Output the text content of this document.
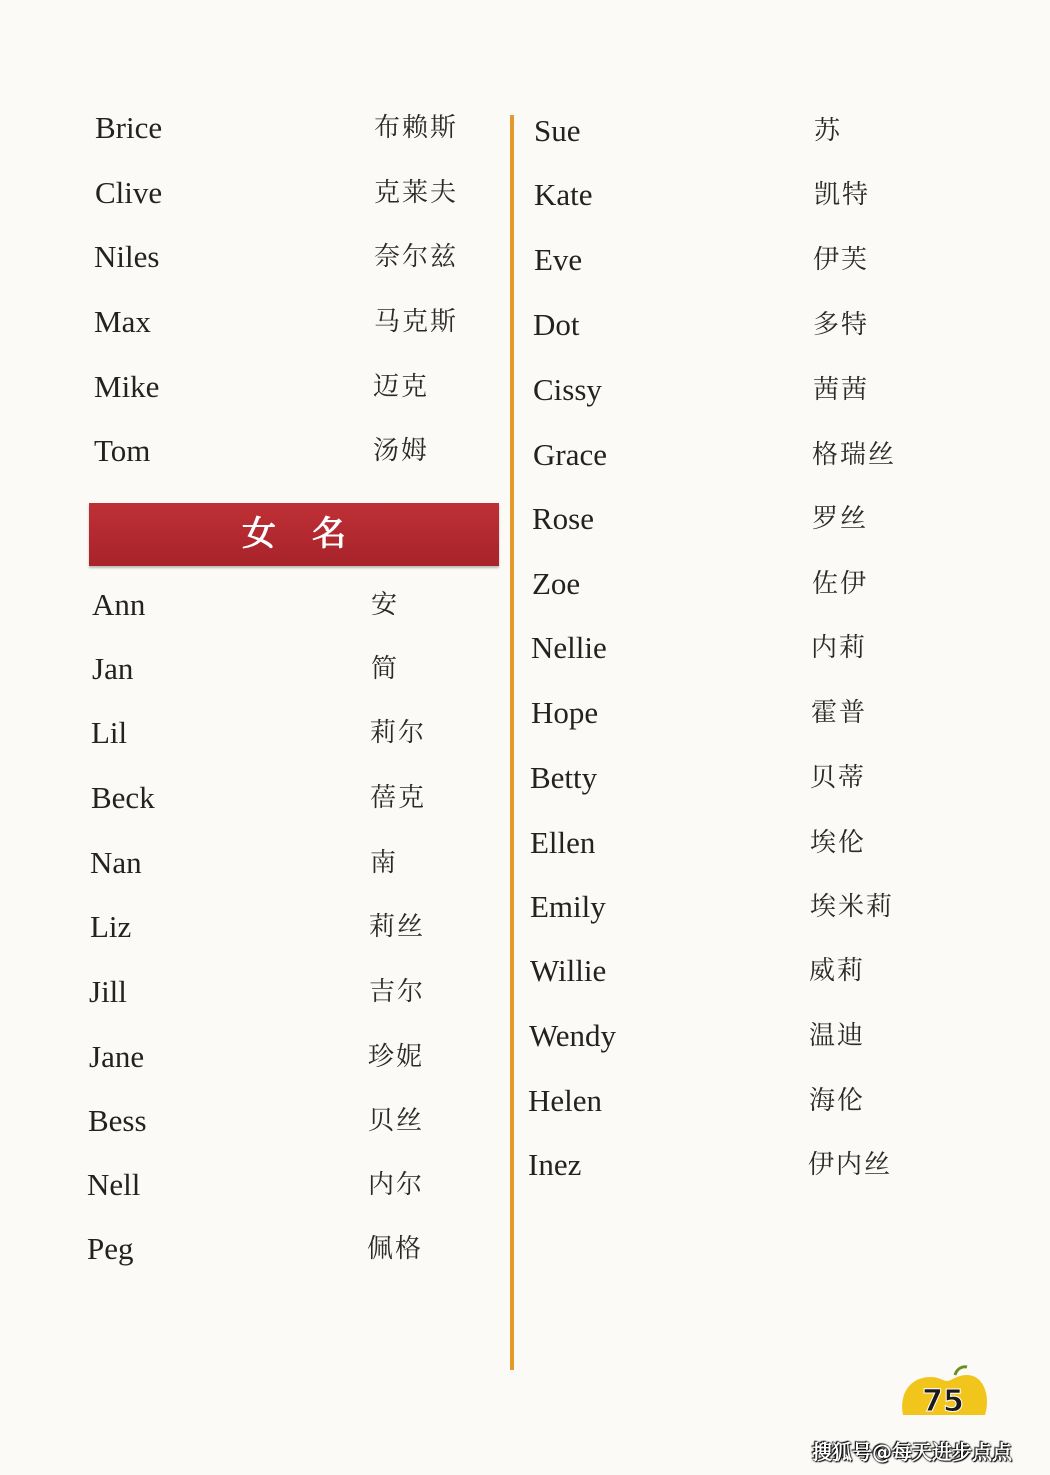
Brice	布赖斯
Clive	克莱夫
Niles	奈尔兹
Max	马克斯
Mike	迈克
Tom	汤姆
女名
Ann	安
Jan	简
Lil	莉尔
Beck	蓓克
Nan	南
Liz	莉丝
Jill	吉尔
Jane	珍妮
Bess	贝丝
Nell	内尔
Peg	佩格
Sue	苏
Kate	凯特
Eve	伊芙
Dot	多特
Cissy	茜茜
Grace	格瑞丝
Rose	罗丝
Zoe	佐伊
Nellie	内莉
Hope	霍普
Betty	贝蒂
Ellen	埃伦
Emily	埃米莉
Willie	威莉
Wendy	温迪
Helen	海伦
Inez	伊内丝
75
搜狐号@每天进步点点
